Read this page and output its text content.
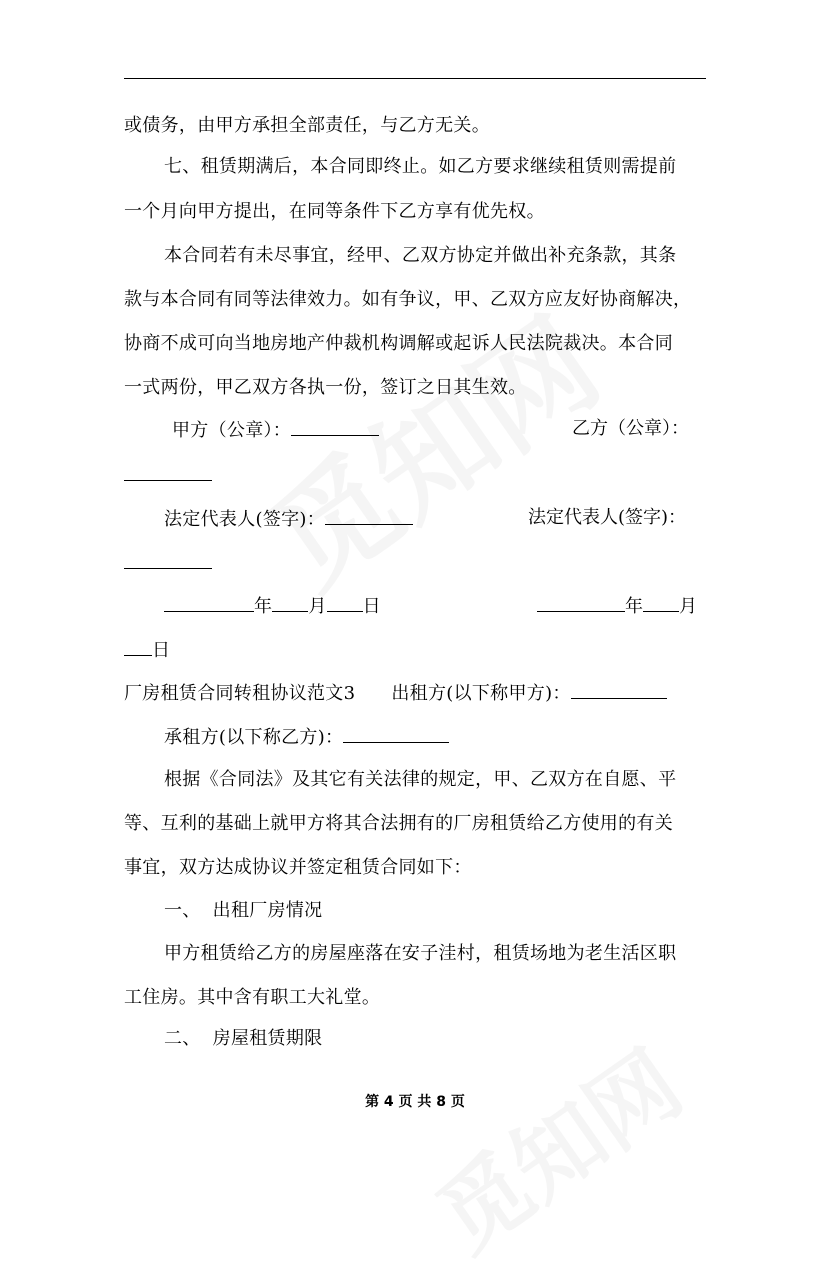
或债务，由甲方承担全部责任，与乙方无关。
七、租赁期满后，本合同即终止。如乙方要求继续租赁则需提前
一个月向甲方提出，在同等条件下乙方享有优先权。
本合同若有未尽事宜，经甲、乙双方协定并做出补充条款，其条
款与本合同有同等法律效力。如有争议，甲、乙双方应友好协商解决，
协商不成可向当地房地产仲裁机构调解或起诉人民法院裁决。本合同
一式两份，甲乙双方各执一份，签订之日其生效。
甲方（公章）：	乙方（公章）：
法定代表人(签字)：	法定代表人(签字)：
年 月 日	年 月
日
厂房租赁合同转租协议范文3 出租方(以下称甲方)：
承租方(以下称乙方)：
根据《合同法》及其它有关法律的规定，甲、乙双方在自愿、平
等、互利的基础上就甲方将其合法拥有的厂房租赁给乙方使用的有关
事宜，双方达成协议并签定租赁合同如下：
一、  出租厂房情况
甲方租赁给乙方的房屋座落在安子洼村，租赁场地为老生活区职
工住房。其中含有职工大礼堂。
二、  房屋租赁期限
第 4 页 共 8 页
